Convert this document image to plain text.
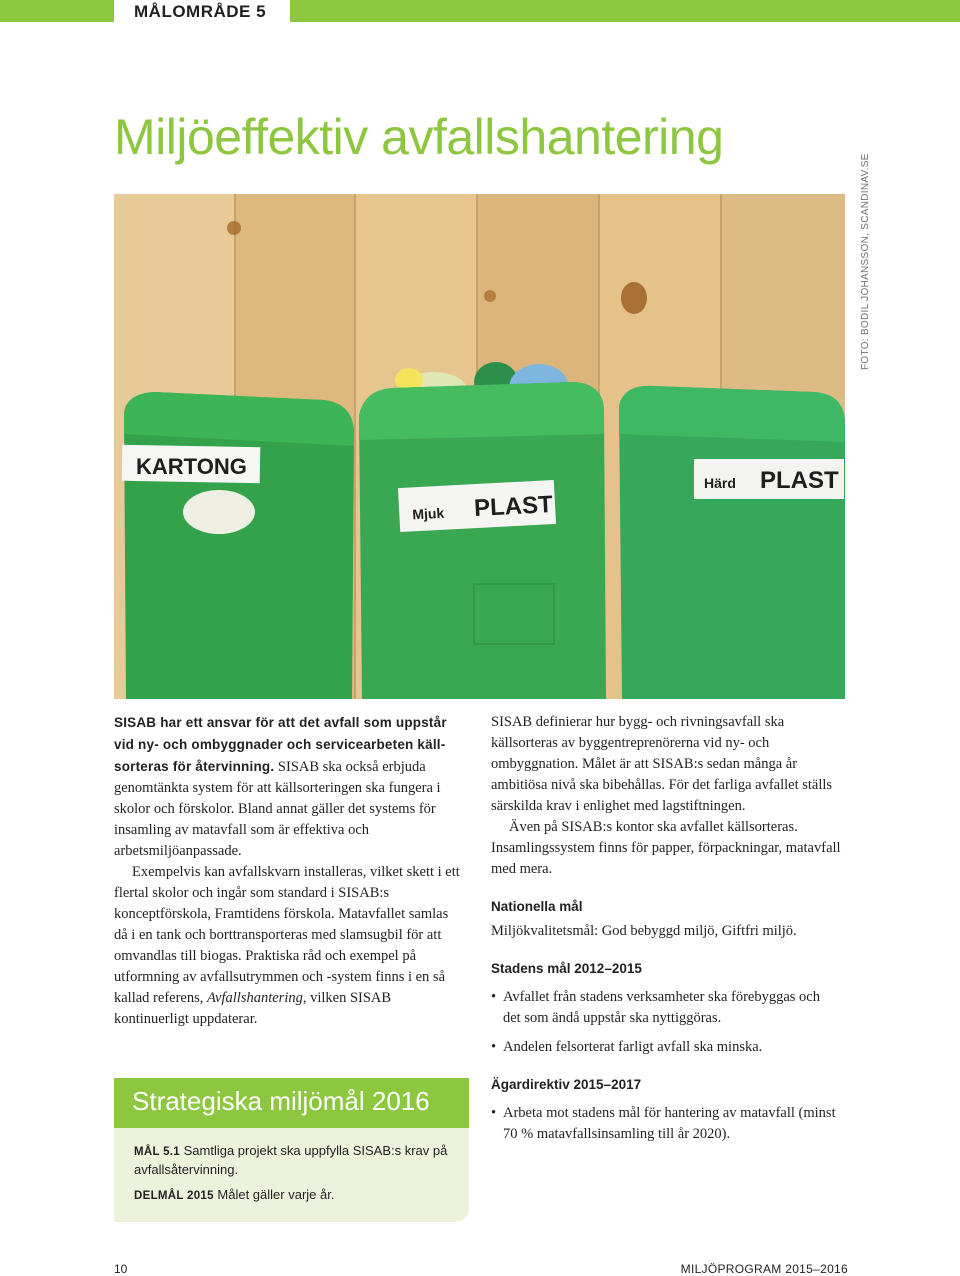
MÅLOMRÅDE 5
Miljöeffektiv avfallshantering
KARTONG
Mjuk PLAST
Härd PLAST
FOTO: BODIL JOHANSSON, SCANDINAV.SE

SISAB har ett ansvar för att det avfall som uppstår vid ny- och ombyggnader och servicearbeten källsorteras för återvinning. SISAB ska också erbjuda genomtänkta system för att källsorteringen ska fungera i skolor och förskolor. Bland annat gäller det systems för insamling av matavfall som är effektiva och arbetsmiljöanpassade.

Exempelvis kan avfallskvarn installeras, vilket skett i ett flertal skolor och ingår som standard i SISAB:s konceptförskola, Framtidens förskola. Matavfallet samlas då i en tank och borttransporteras med slamsugbil för att omvandlas till biogas. Praktiska råd och exempel på utformning av avfallsutrymmen och -system finns i en så kallad referens, Avfallshantering, vilken SISAB kontinuerligt uppdaterar.

SISAB definierar hur bygg- och rivningsavfall ska källsorteras av byggentreprenörerna vid ny- och ombyggnation. Målet är att SISAB:s sedan många år ambitiösa nivå ska bibehållas. För det farliga avfallet ställs särskilda krav i enlighet med lagstiftningen.

Även på SISAB:s kontor ska avfallet källsorteras. Insamlingssystem finns för papper, förpackningar, matavfall med mera.

Nationella mål

Miljökvalitetsmål: God bebyggd miljö, Giftfri miljö.

Stadens mål 2012–2015

• Avfallet från stadens verksamheter ska förebyggas och det som ändå uppstår ska nyttiggöras.

• Andelen felsorterat farligt avfall ska minska.

Ägardirektiv 2015–2017

• Arbeta mot stadens mål för hantering av matavfall (minst 70 % matavfallsinsamling till år 2020).

Strategiska miljömål 2016
MÅL 5.1 Samtliga projekt ska uppfylla SISAB:s krav på avfallsåtervinning.
DELMÅL 2015 Målet gäller varje år.
10	MILJÖPROGRAM 2015–2016
